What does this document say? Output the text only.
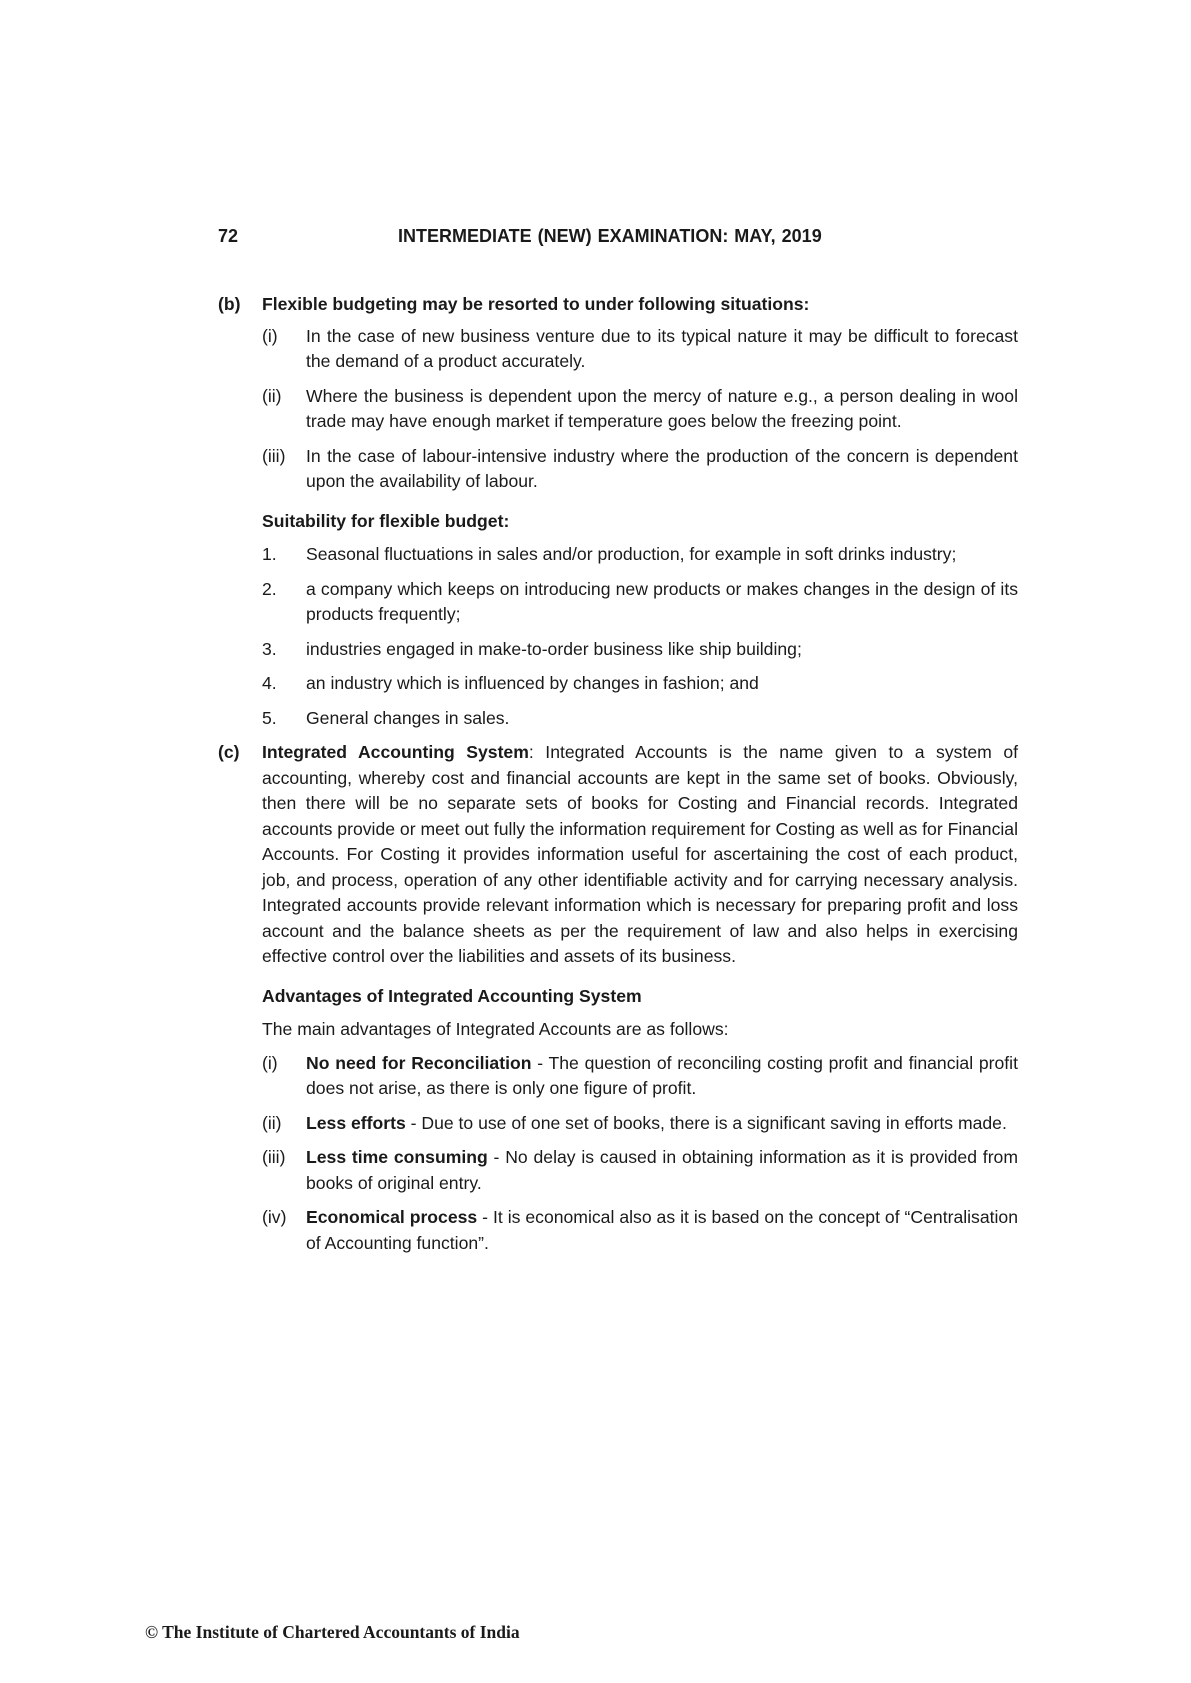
72	INTERMEDIATE (NEW) EXAMINATION: MAY, 2019
(b) Flexible budgeting may be resorted to under following situations:
(i) In the case of new business venture due to its typical nature it may be difficult to forecast the demand of a product accurately.
(ii) Where the business is dependent upon the mercy of nature e.g., a person dealing in wool trade may have enough market if temperature goes below the freezing point.
(iii) In the case of labour-intensive industry where the production of the concern is dependent upon the availability of labour.
Suitability for flexible budget:
1. Seasonal fluctuations in sales and/or production, for example in soft drinks industry;
2. a company which keeps on introducing new products or makes changes in the design of its products frequently;
3. industries engaged in make-to-order business like ship building;
4. an industry which is influenced by changes in fashion; and
5. General changes in sales.
(c) Integrated Accounting System: Integrated Accounts is the name given to a system of accounting, whereby cost and financial accounts are kept in the same set of books. Obviously, then there will be no separate sets of books for Costing and Financial records. Integrated accounts provide or meet out fully the information requirement for Costing as well as for Financial Accounts. For Costing it provides information useful for ascertaining the cost of each product, job, and process, operation of any other identifiable activity and for carrying necessary analysis. Integrated accounts provide relevant information which is necessary for preparing profit and loss account and the balance sheets as per the requirement of law and also helps in exercising effective control over the liabilities and assets of its business.
Advantages of Integrated Accounting System
The main advantages of Integrated Accounts are as follows:
(i) No need for Reconciliation - The question of reconciling costing profit and financial profit does not arise, as there is only one figure of profit.
(ii) Less efforts - Due to use of one set of books, there is a significant saving in efforts made.
(iii) Less time consuming - No delay is caused in obtaining information as it is provided from books of original entry.
(iv) Economical process - It is economical also as it is based on the concept of “Centralisation of Accounting function”.
© The Institute of Chartered Accountants of India
